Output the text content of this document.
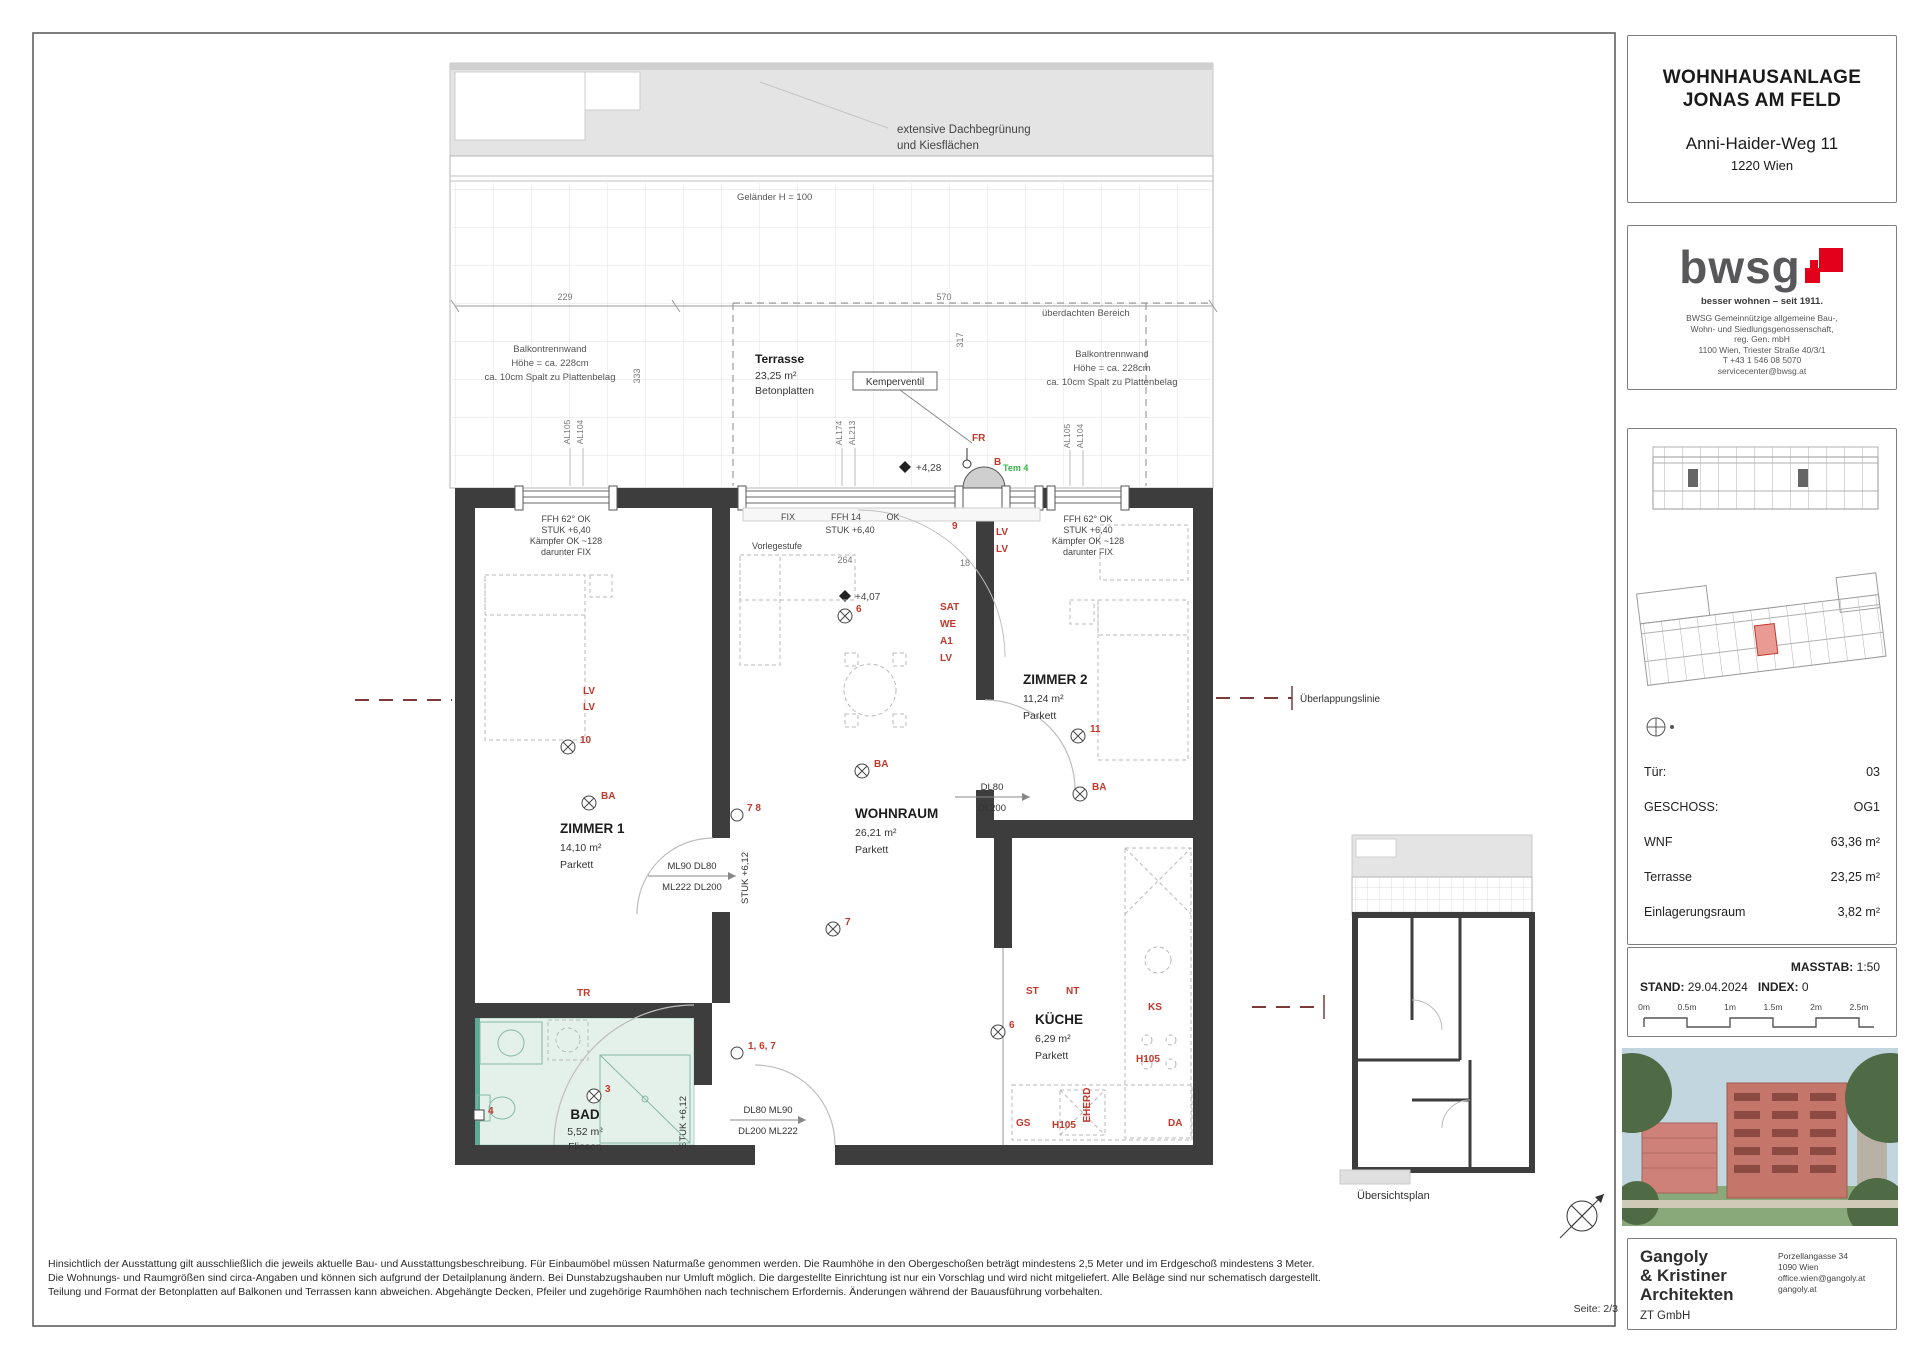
extensive Dachbegrünung
und Kiesflächen
Geländer H = 100
überdachten Bereich
Balkontrennwand
Höhe = ca. 228cm
ca. 10cm Spalt zu Plattenbelag
Balkontrennwand
Höhe = ca. 228cm
ca. 10cm Spalt zu Plattenbelag
Terrasse
23,25 m²
Betonplatten
Kemperventil
FR
B Tem 4
+4,28
229	570
317
333
AL105 AL104	AL174 AL213	AL105 AL104
FFH 62° OK
STUK +6,40
Kämpfer OK ~128
darunter FIX
FIX	FFH 14	OK
STUK +6,40
FFH 62° OK
STUK +6,40
Kämpfer OK ~128
darunter FIX
Vorlegestufe
+4,07
ML90 DL80
ML222 DL200 STUK +6,12
DL80
DL200
DL80 ML90
DL200 ML222
STUK +6,12
264	18
ZIMMER 1
14,10 m²
Parkett
WOHNRAUM
26,21 m²
Parkett
ZIMMER 2
11,24 m²
Parkett
KÜCHE
6,29 m²
Parkett
BAD
5,52 m²
Fliesen
10
BA
7
6
BA
11
BA
6
3
7 8
1, 6, 7
4
LV
LV
LV
LV
SAT
WE
A1
LV
9
TR	ST	NT
KS
H105
EHERD
GS H105	DA
Überlappungslinie
Übersichtsplan
WOHNHAUSANLAGE
JONAS AM FELD
Anni-Haider-Weg 11
1220 Wien
bwsg
besser wohnen – seit 1911.
BWSG Gemeinnützige allgemeine Bau-,
Wohn- und Siedlungsgenossenschaft,
reg. Gen. mbH
1100 Wien, Triester Straße 40/3/1
T +43 1 546 08 5070
servicecenter@bwsg.at
Tür:	03
GESCHOSS:	OG1
WNF	63,36 m²
Terrasse	23,25 m²
Einlagerungsraum	3,82 m²
MASSTAB: 1:50
STAND: 29.04.2024 INDEX: 0
0m	0.5m	1m	1.5m	2m	2.5m
Gangoly
& Kristiner
Architekten
ZT GmbH
Porzellangasse 34
1090 Wien
office.wien@gangoly.at
gangoly.at
Hinsichtlich der Ausstattung gilt ausschließlich die jeweils aktuelle Bau- und Ausstattungsbeschreibung. Für Einbaumöbel müssen Naturmaße genommen werden. Die Raumhöhe in den Obergeschoßen beträgt mindestens 2,5 Meter und im Erdgeschoß mindestens 3 Meter.
Die Wohnungs- und Raumgrößen sind circa-Angaben und können sich aufgrund der Detailplanung ändern. Bei Dunstabzugshauben nur Umluft möglich. Die dargestellte Einrichtung ist nur ein Vorschlag und wird nicht mitgeliefert. Alle Beläge sind nur schematisch dargestellt.
Teilung und Format der Betonplatten auf Balkonen und Terrassen kann abweichen. Abgehängte Decken, Pfeiler und zugehörige Raumhöhen nach technischem Erfordernis. Änderungen während der Bauausführung vorbehalten.
Seite: 2/3
